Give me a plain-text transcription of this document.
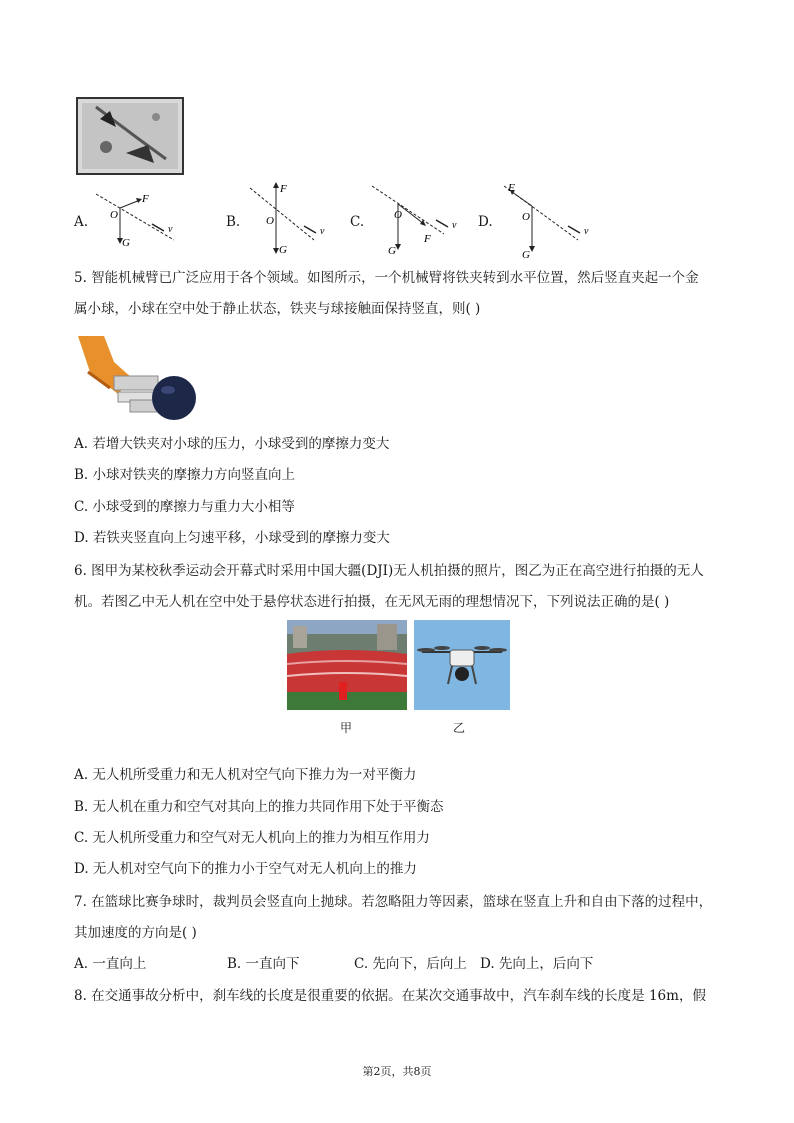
A. O
F
G
v	B.
F
O
G
v
C.	O
F
G
v D.
F
O
G
v
5. 智能机械臂已广泛应用于各个领域。如图所示，一个机械臂将铁夹转到水平位置，然后竖直夹起一个金
属小球，小球在空中处于静止状态，铁夹与球接触面保持竖直，则( )
A. 若增大铁夹对小球的压力，小球受到的摩擦力变大
B. 小球对铁夹的摩擦力方向竖直向上
C. 小球受到的摩擦力与重力大小相等
D. 若铁夹竖直向上匀速平移，小球受到的摩擦力变大
6. 图甲为某校秋季运动会开幕式时采用中国大疆(DJI)无人机拍摄的照片，图乙为正在高空进行拍摄的无人
机。若图乙中无人机在空中处于悬停状态进行拍摄，在无风无雨的理想情况下，下列说法正确的是( )
甲	乙
A. 无人机所受重力和无人机对空气向下推力为一对平衡力
B. 无人机在重力和空气对其向上的推力共同作用下处于平衡态
C. 无人机所受重力和空气对无人机向上的推力为相互作用力
D. 无人机对空气向下的推力小于空气对无人机向上的推力
7. 在篮球比赛争球时，裁判员会竖直向上抛球。若忽略阻力等因素，篮球在竖直上升和自由下落的过程中，
其加速度的方向是( )
A. 一直向上	B. 一直向下	C. 先向下，后向上 D. 先向上，后向下
8. 在交通事故分析中，刹车线的长度是很重要的依据。在某次交通事故中，汽车刹车线的长度是 16m，假
第2页，共8页
